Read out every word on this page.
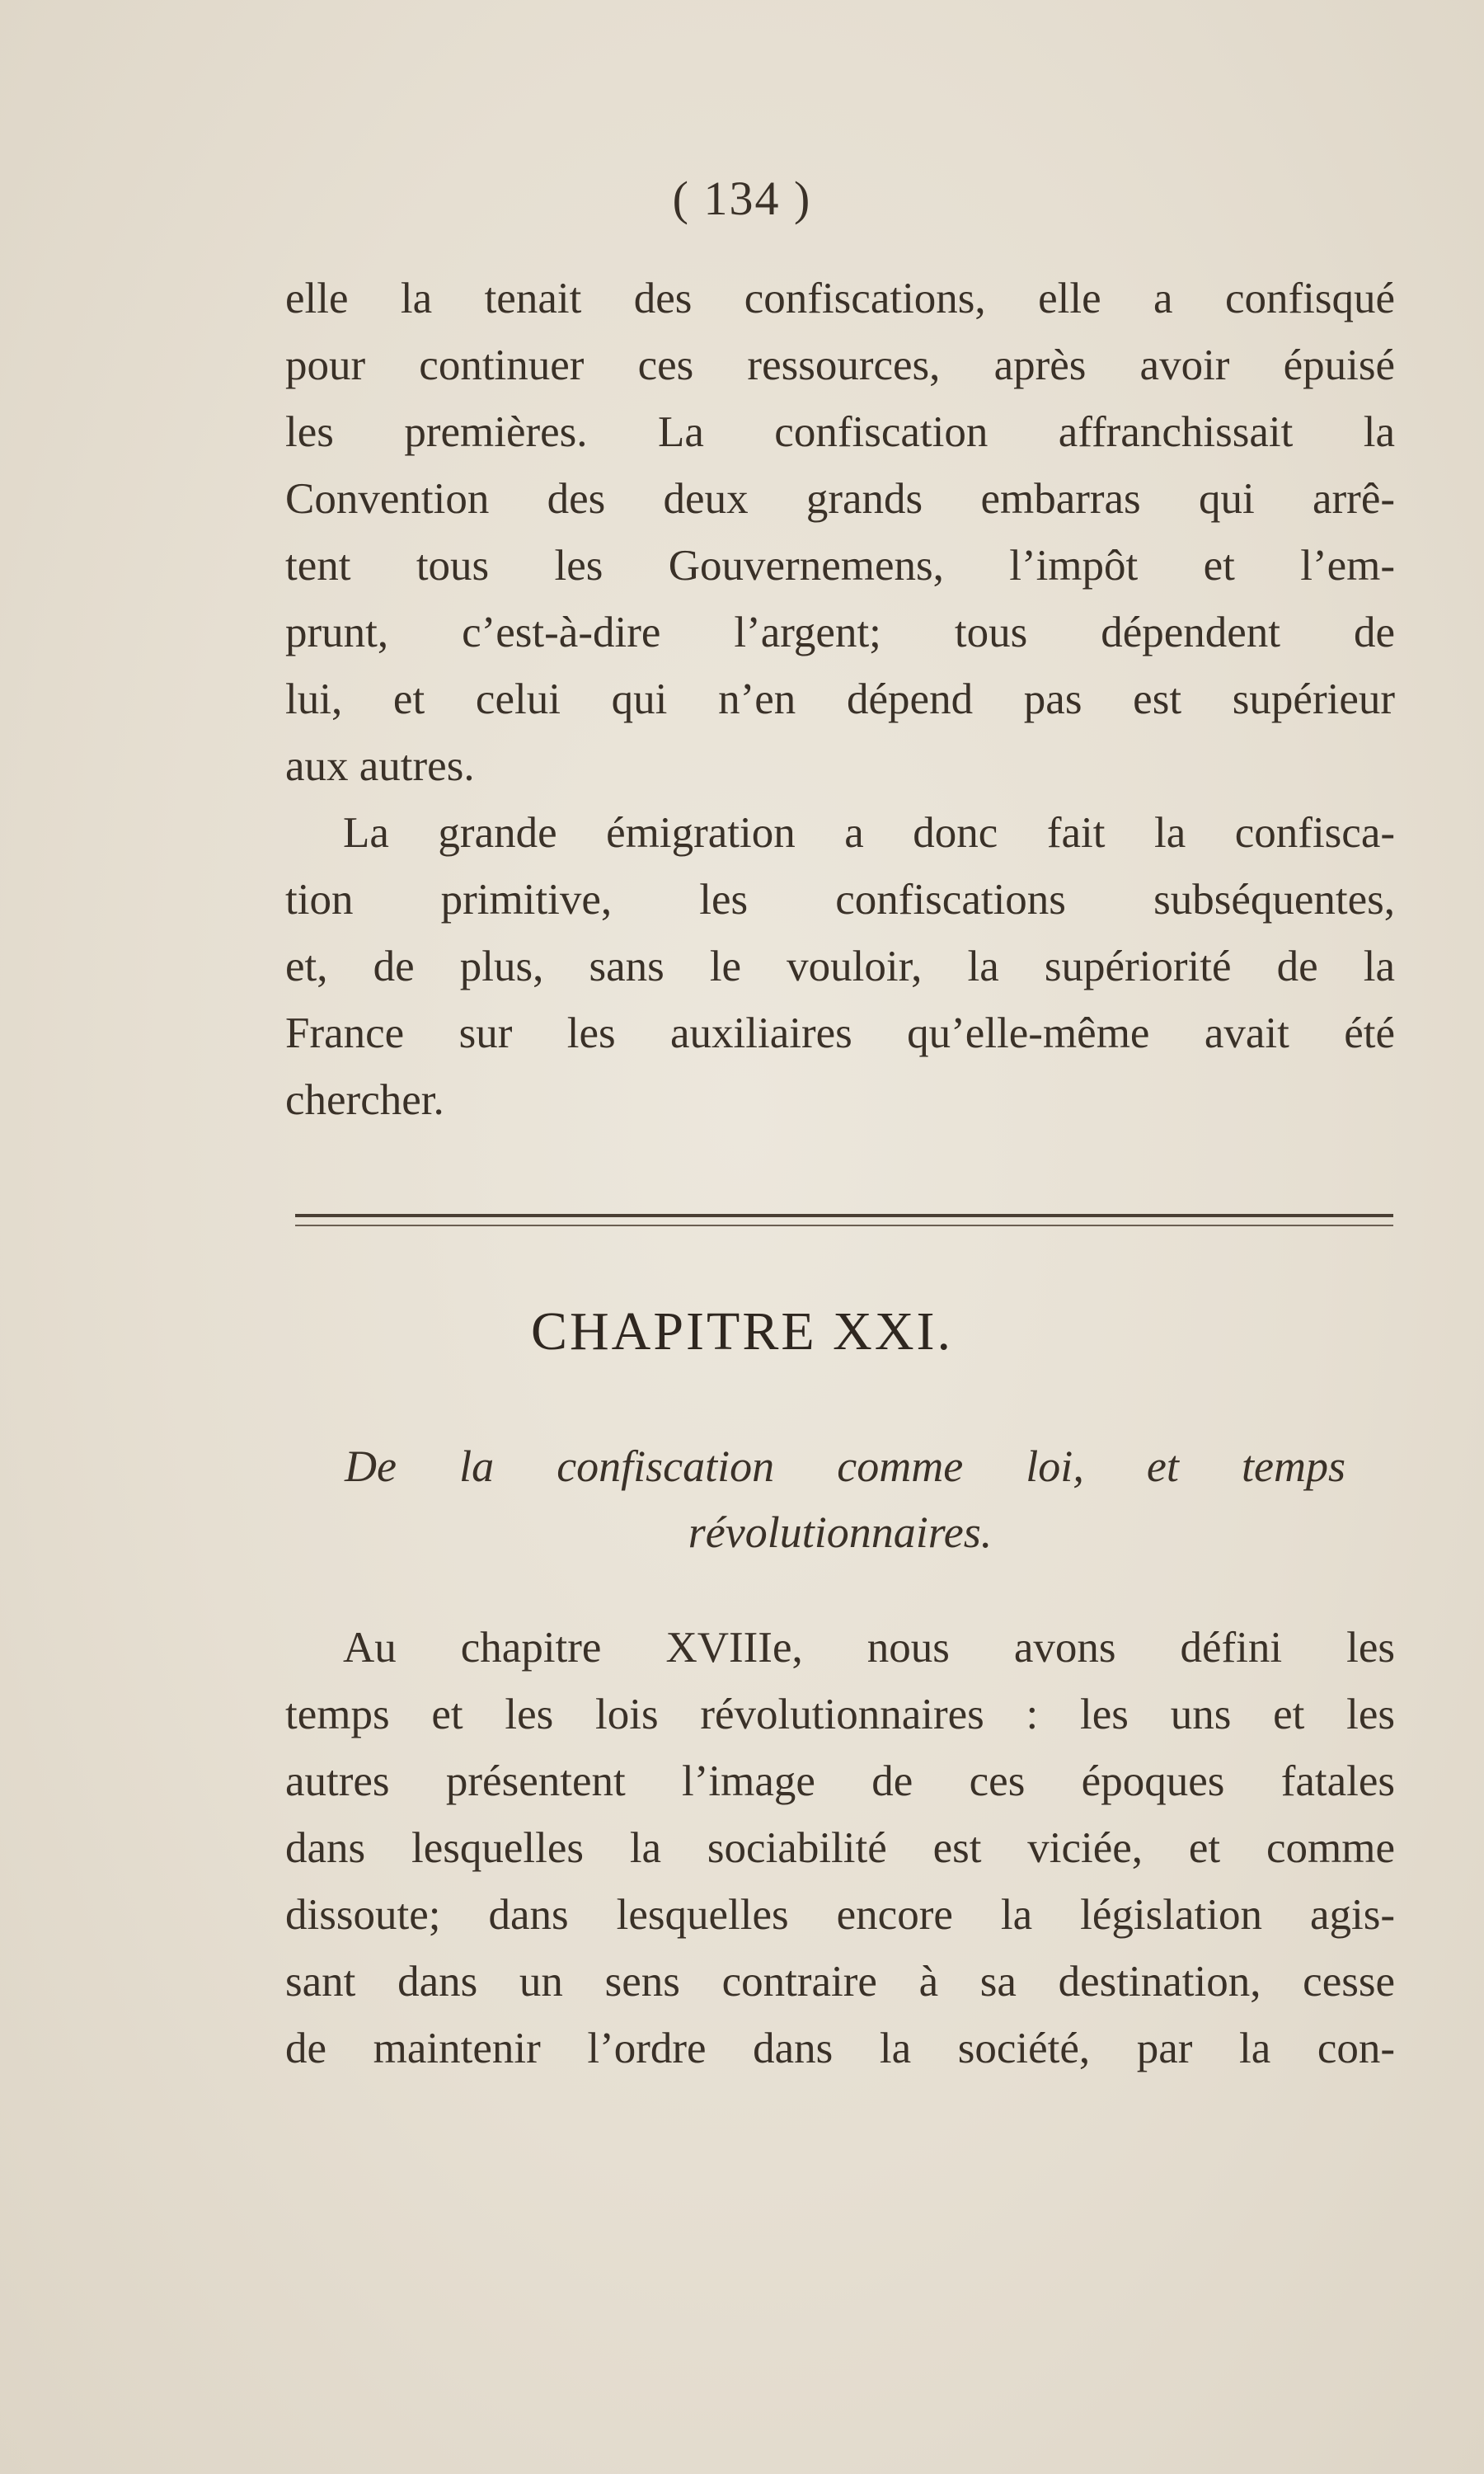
( 134 )

elle la tenait des confiscations, elle a confisqué
pour continuer ces ressources, après avoir épuisé
les premières. La confiscation affranchissait la
Convention des deux grands embarras qui arrê-
tent tous les Gouvernemens, l’impôt et l’em-
prunt, c’est-à-dire l’argent; tous dépendent de
lui, et celui qui n’en dépend pas est supérieur
aux autres.

La grande émigration a donc fait la confisca-
tion primitive, les confiscations subséquentes,
et, de plus, sans le vouloir, la supériorité de la
France sur les auxiliaires qu’elle-même avait été
chercher.

CHAPITRE XXI.
De la confiscation comme loi, et temps
révolutionnaires.

Au chapitre XVIIIe, nous avons défini les
temps et les lois révolutionnaires : les uns et les
autres présentent l’image de ces époques fatales
dans lesquelles la sociabilité est viciée, et comme
dissoute; dans lesquelles encore la législation agis-
sant dans un sens contraire à sa destination, cesse
de maintenir l’ordre dans la société, par la con-
